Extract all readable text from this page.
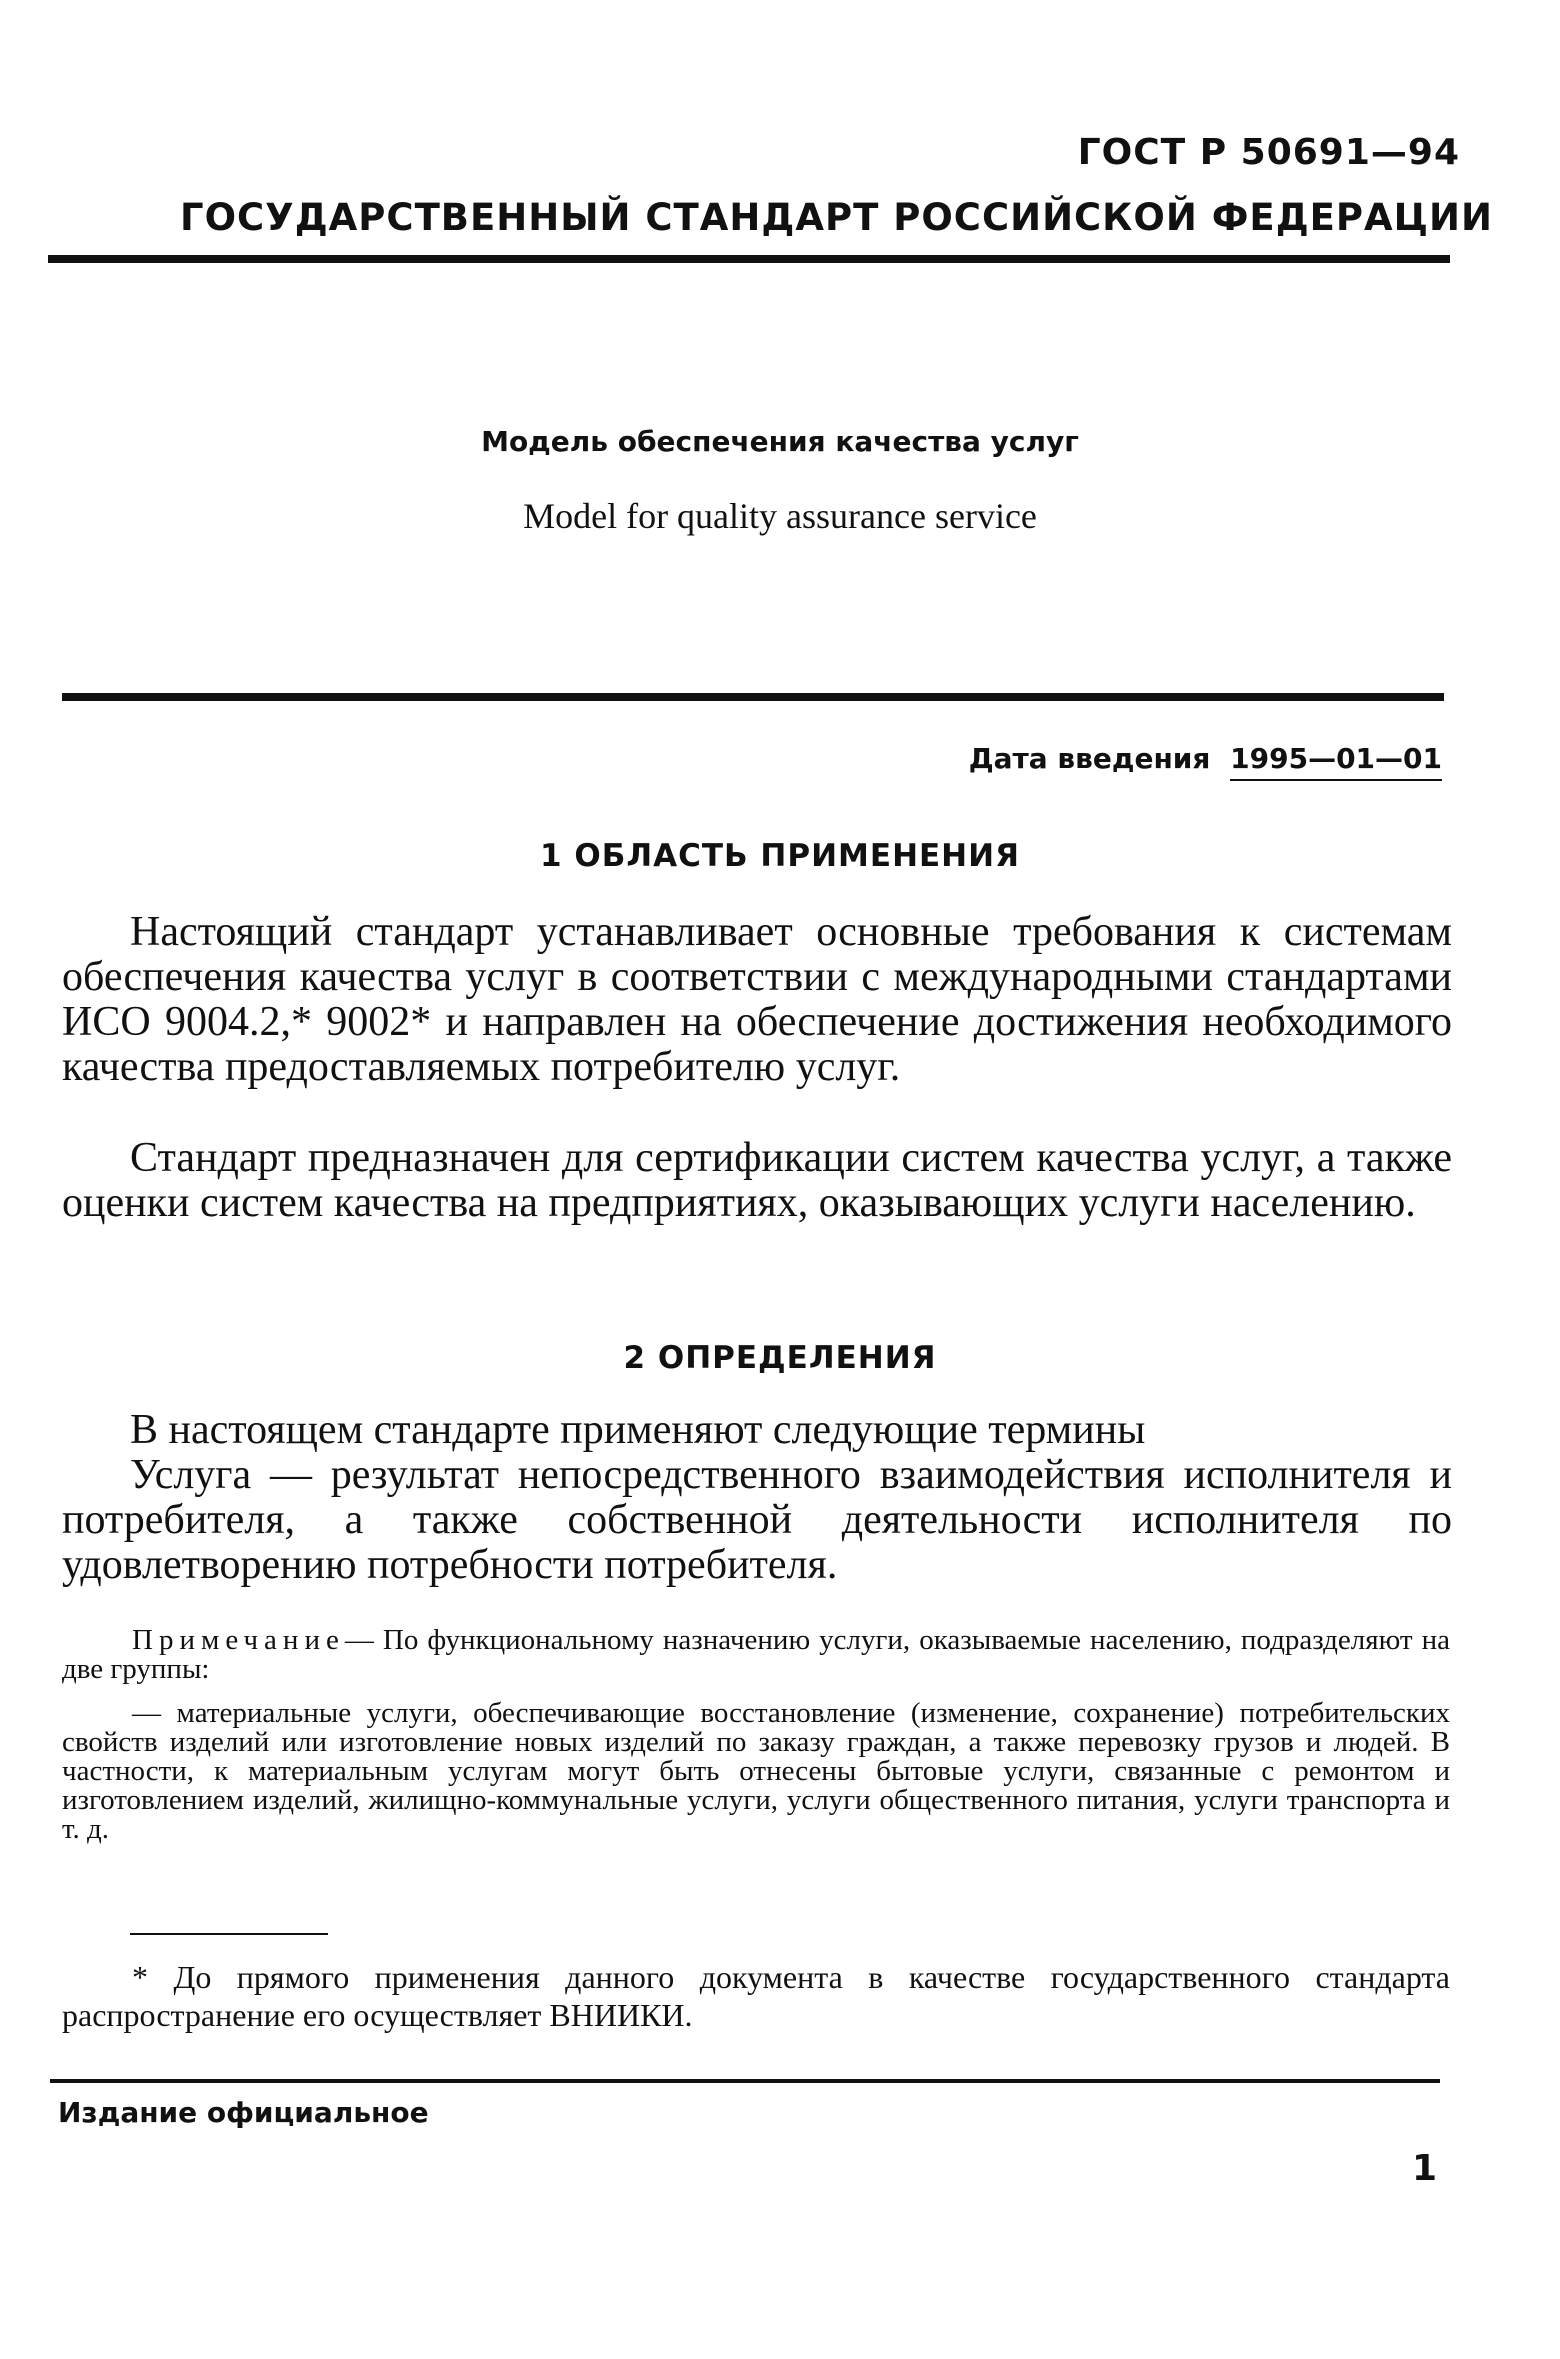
ГОСТ Р 50691—94
ГОСУДАРСТВЕННЫЙ СТАНДАРТ РОССИЙСКОЙ ФЕДЕРАЦИИ
Модель обеспечения качества услуг
Model for quality assurance service
Дата введения 1995—01—01
1 ОБЛАСТЬ ПРИМЕНЕНИЯ

Настоящий стандарт устанавливает основные требования к системам обеспечения качества услуг в соответствии с международными стандартами ИСО 9004.2,* 9002* и направлен на обеспечение достижения необходимого качества предоставляемых потребителю услуг.

Стандарт предназначен для сертификации систем качества услуг, а также оценки систем качества на предприятиях, оказывающих услуги населению.

2 ОПРЕДЕЛЕНИЯ

В настоящем стандарте применяют следующие термины

Услуга — результат непосредственного взаимодействия исполнителя и потребителя, а также собственной деятельности исполнителя по удовлетворению потребности потребителя.

Примечание— По функциональному назначению услуги, оказываемые населению, подразделяют на две группы:

— материальные услуги, обеспечивающие восстановление (изменение, сохранение) потребительских свойств изделий или изготовление новых изделий по заказу граждан, а также перевозку грузов и людей. В частности, к материальным услугам могут быть отнесены бытовые услуги, связанные с ремонтом и изготовлением изделий, жилищно-коммунальные услуги, услуги общественного питания, услуги транспорта и т. д.

* До прямого применения данного документа в качестве государственного стандарта распространение его осуществляет ВНИИКИ.
Издание официальное
1
